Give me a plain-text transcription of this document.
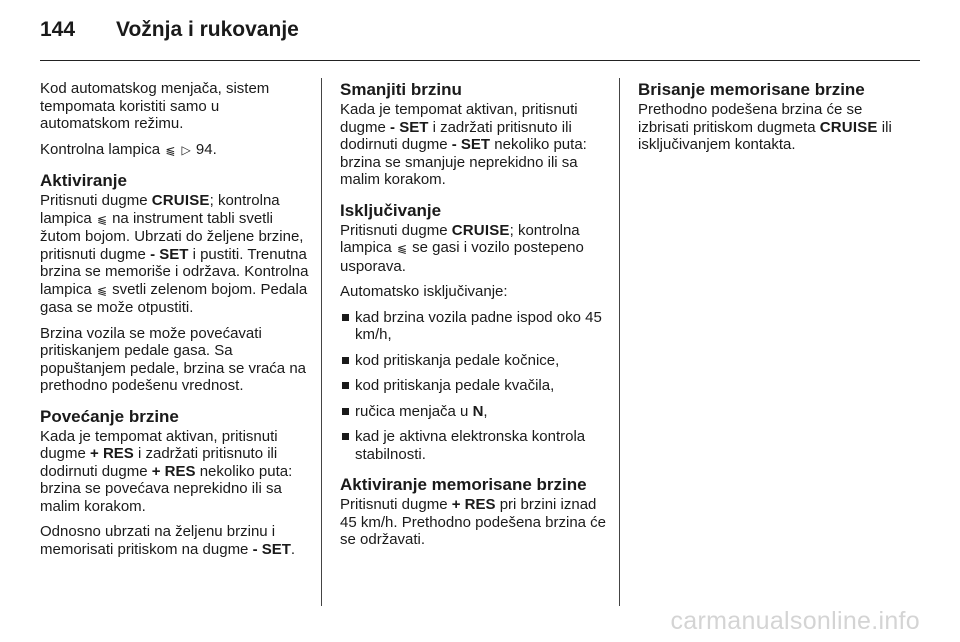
144	Vožnja i rukovanje

Kod automatskog menjača, sistem tempomata koristiti samo u automatskom režimu.

Kontrolna lampica ⫹ ▷ 94.

Aktiviranje

Pritisnuti dugme CRUISE; kontrolna lampica ⫹ na instrument tabli svetli žutom bojom. Ubrzati do željene brzine, pritisnuti dugme - SET i pustiti. Trenutna brzina se memoriše i održava. Kontrolna lampica ⫹ svetli zelenom bojom. Pedala gasa se može otpustiti.

Brzina vozila se može povećavati pritiskanjem pedale gasa. Sa popuštanjem pedale, brzina se vraća na prethodno podešenu vrednost.

Povećanje brzine

Kada je tempomat aktivan, pritisnuti dugme + RES i zadržati pritisnuto ili dodirnuti dugme + RES nekoliko puta: brzina se povećava neprekidno ili sa malim korakom.

Odnosno ubrzati na željenu brzinu i memorisati pritiskom na dugme - SET.

Smanjiti brzinu

Kada je tempomat aktivan, pritisnuti dugme - SET i zadržati pritisnuto ili dodirnuti dugme - SET nekoliko puta: brzina se smanjuje neprekidno ili sa malim korakom.

Isključivanje

Pritisnuti dugme CRUISE; kontrolna lampica ⫹ se gasi i vozilo postepeno usporava.

Automatsko isključivanje:

kad brzina vozila padne ispod oko 45 km/h,
kod pritiskanja pedale kočnice,
kod pritiskanja pedale kvačila,
ručica menjača u N,
kad je aktivna elektronska kontrola stabilnosti.
Aktiviranje memorisane brzine

Pritisnuti dugme + RES pri brzini iznad 45 km/h. Prethodno podešena brzina će se održavati.

Brisanje memorisane brzine

Prethodno podešena brzina će se izbrisati pritiskom dugmeta CRUISE ili isključivanjem kontakta.

carmanualsonline.info
